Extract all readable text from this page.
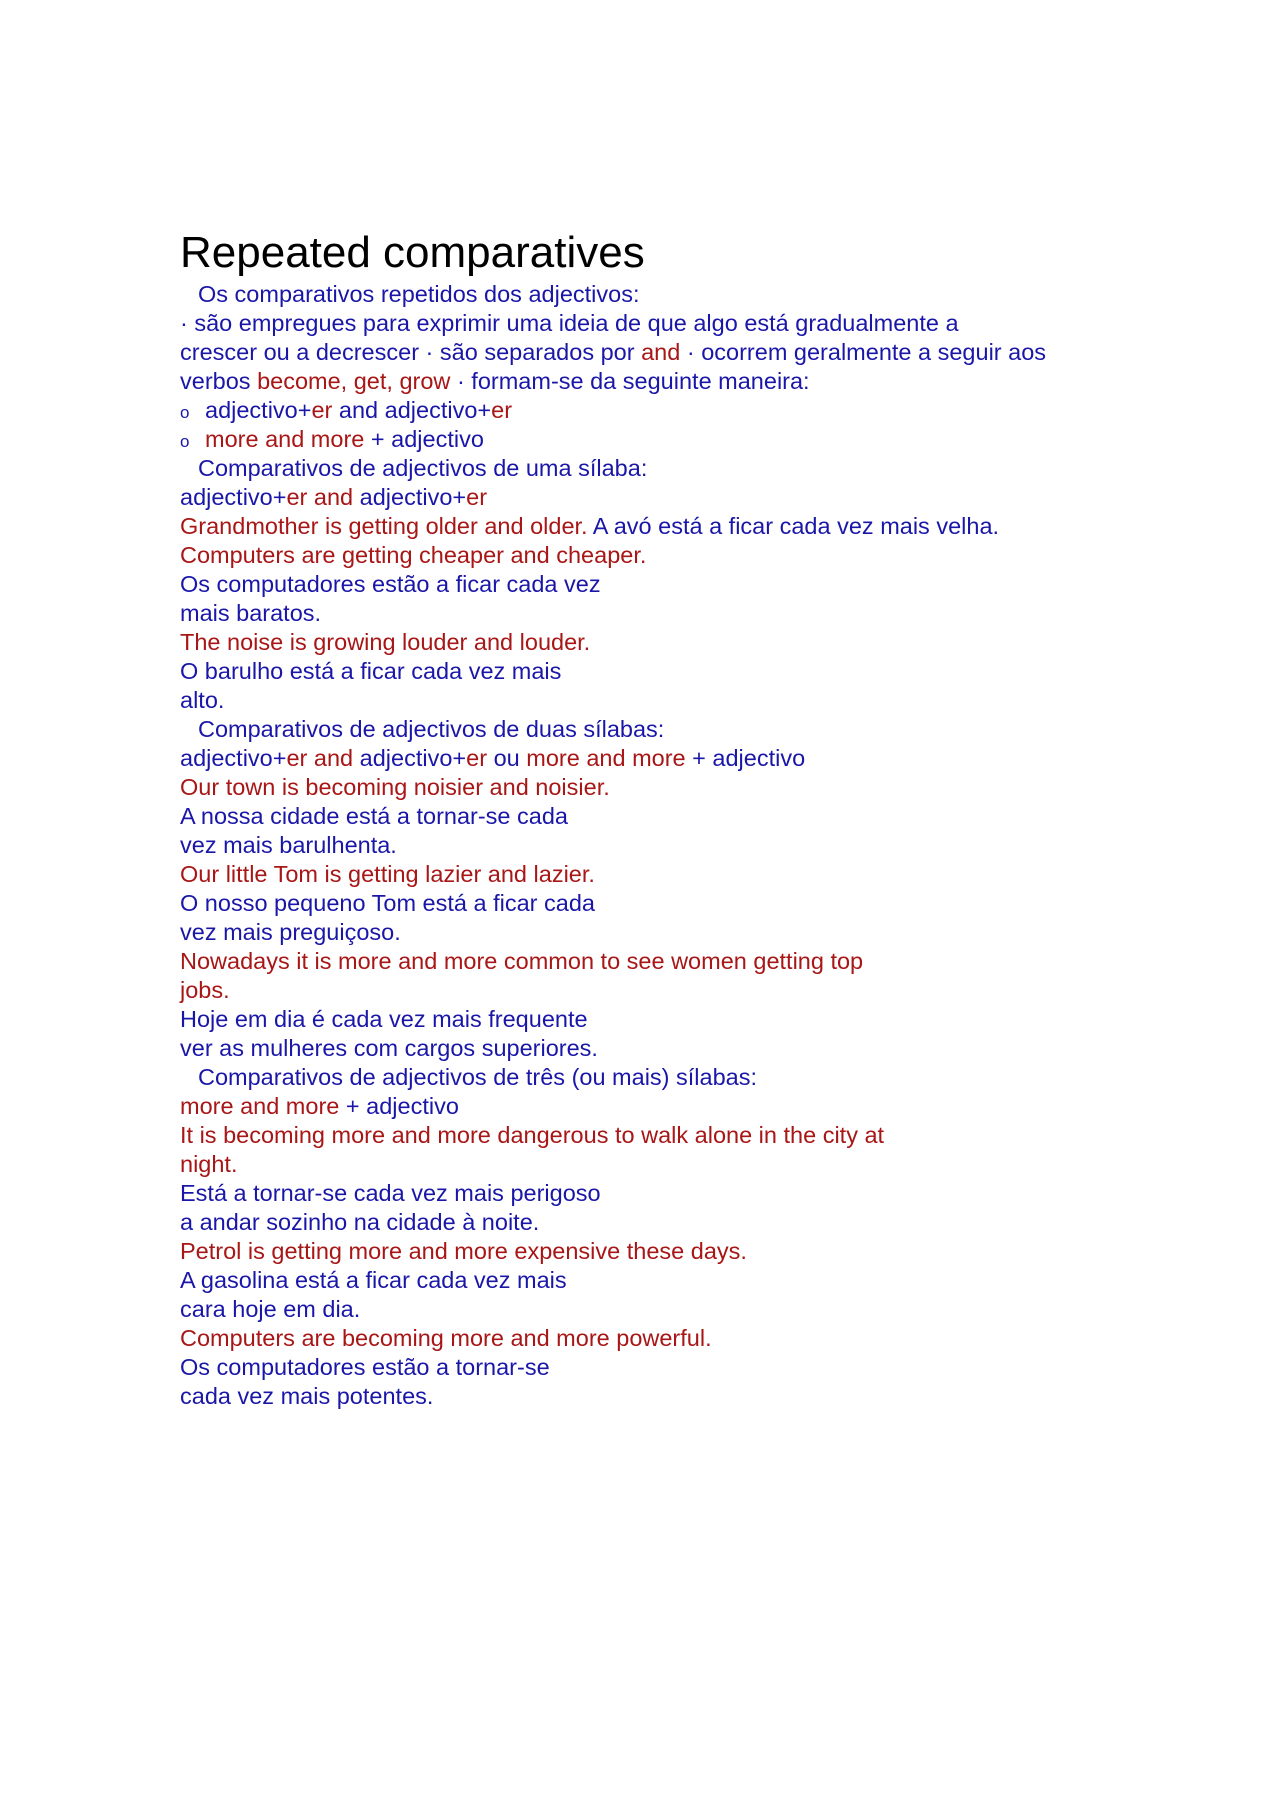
Repeated comparatives
Os comparativos repetidos dos adjectivos:
· são empregues para exprimir uma ideia de que algo está gradualmente a
crescer ou a decrescer · são separados por and · ocorrem geralmente a seguir aos
verbos become, get, grow · formam-se da seguinte maneira:
o adjectivo+er and adjectivo+er
o more and more + adjectivo
Comparativos de adjectivos de uma sílaba:
adjectivo+er and adjectivo+er
Grandmother is getting older and older. A avó está a ficar cada vez mais velha.
Computers are getting cheaper and cheaper.
Os computadores estão a ficar cada vez
mais baratos.
The noise is growing louder and louder.
O barulho está a ficar cada vez mais
alto.
Comparativos de adjectivos de duas sílabas:
adjectivo+er and adjectivo+er ou more and more + adjectivo
Our town is becoming noisier and noisier.
A nossa cidade está a tornar-se cada
vez mais barulhenta.
Our little Tom is getting lazier and lazier.
O nosso pequeno Tom está a ficar cada
vez mais preguiçoso.
Nowadays it is more and more common to see women getting top
jobs.
Hoje em dia é cada vez mais frequente
ver as mulheres com cargos superiores.
Comparativos de adjectivos de três (ou mais) sílabas:
more and more + adjectivo
It is becoming more and more dangerous to walk alone in the city at
night.
Está a tornar-se cada vez mais perigoso
a andar sozinho na cidade à noite.
Petrol is getting more and more expensive these days.
A gasolina está a ficar cada vez mais
cara hoje em dia.
Computers are becoming more and more powerful.
Os computadores estão a tornar-se
cada vez mais potentes.
